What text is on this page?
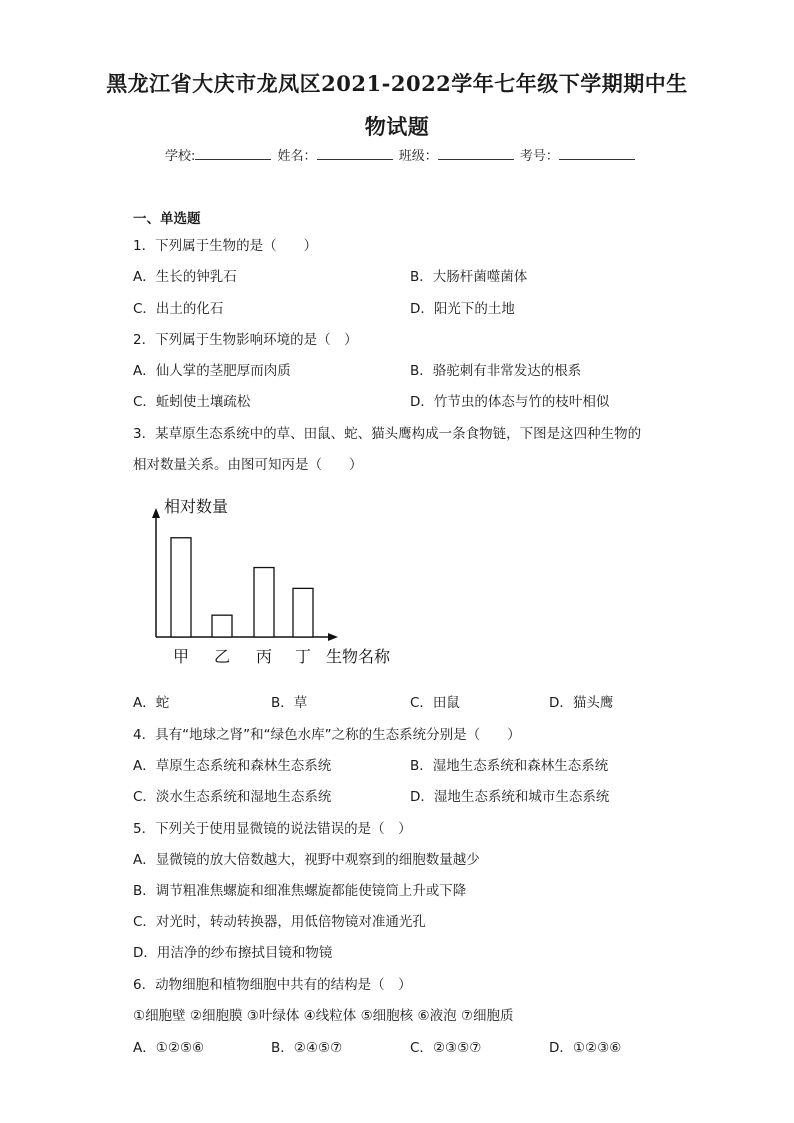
黑龙江省大庆市龙凤区2021-2022学年七年级下学期期中生
物试题
学校:	姓名：	班级：	考号：
一、单选题
1．下列属于生物的是（　　）
A．生长的钟乳石	B．大肠杆菌噬菌体
C．出土的化石	D．阳光下的土地
2．下列属于生物影响环境的是（　）
A．仙人掌的茎肥厚而肉质	B．骆驼刺有非常发达的根系
C．蚯蚓使土壤疏松	D．竹节虫的体态与竹的枝叶相似
3．某草原生态系统中的草、田鼠、蛇、猫头鹰构成一条食物链，下图是这四种生物的
相对数量关系。由图可知丙是（　　）
相对数量
甲 乙 丙 丁 生物名称
A．蛇	B．草	C．田鼠	D．猫头鹰
4．具有“地球之肾”和“绿色水库”之称的生态系统分别是（　　）
A．草原生态系统和森林生态系统	B．湿地生态系统和森林生态系统
C．淡水生态系统和湿地生态系统	D．湿地生态系统和城市生态系统
5．下列关于使用显微镜的说法错误的是（　）
A．显微镜的放大倍数越大，视野中观察到的细胞数量越少
B．调节粗准焦螺旋和细准焦螺旋都能使镜筒上升或下降
C．对光时，转动转换器，用低倍物镜对准通光孔
D．用洁净的纱布擦拭目镜和物镜
6．动物细胞和植物细胞中共有的结构是（　）
①细胞壁 ②细胞膜 ③叶绿体 ④线粒体 ⑤细胞核 ⑥液泡 ⑦细胞质
A．①②⑤⑥	B．②④⑤⑦	C．②③⑤⑦	D．①②③⑥
